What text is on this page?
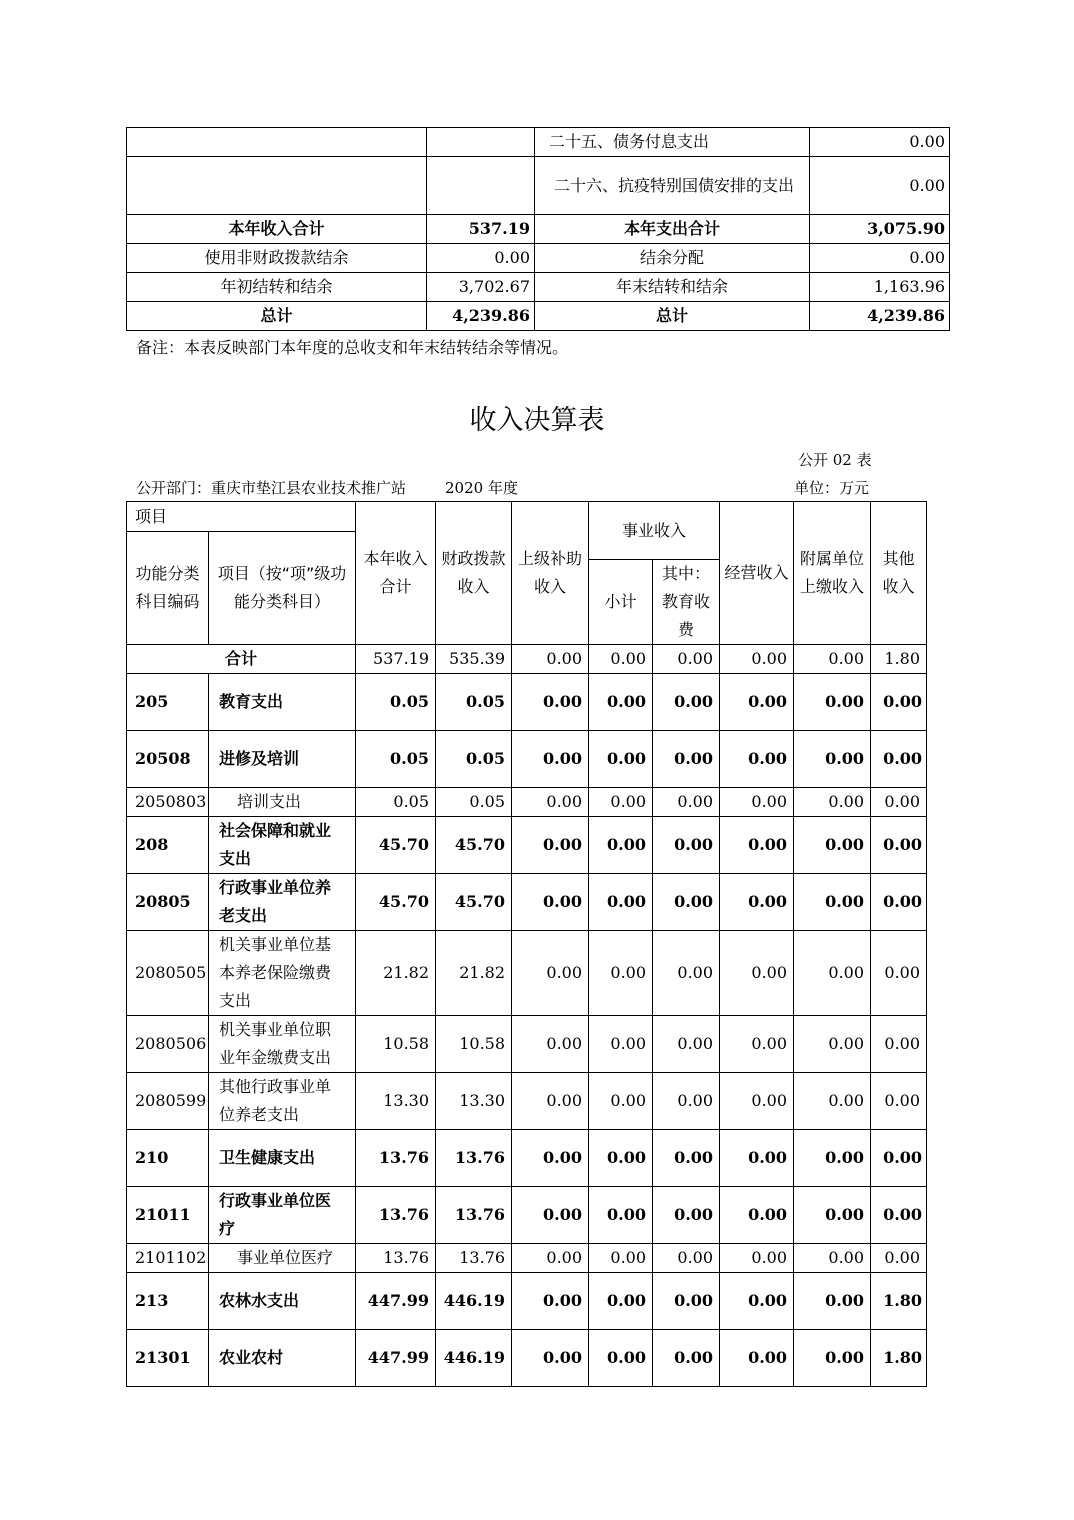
		二十五、债务付息支出	0.00
		二十六、抗疫特别国债安排的支出	0.00
本年收入合计	537.19	本年支出合计	3,075.90
使用非财政拨款结余	0.00	结余分配	0.00
年初结转和结余	3,702.67	年末结转和结余	1,163.96
总计	4,239.86	总计	4,239.86
备注：本表反映部门本年度的总收支和年末结转结余等情况。
收入决算表
公开 02 表
公开部门：重庆市垫江县农业技术推广站	2020 年度	单位：万元
项目		本年收入合计	财政拨款收入	上级补助收入	事业收入		经营收入	附属单位上缴收入	其他收入
功能分类科目编码	项目（按“项”级功能分类科目）								
					小计	其中：教育收费			
合计		537.19	535.39	0.00	0.00	0.00	0.00	0.00	1.80
205	教育支出	0.05	0.05	0.00	0.00	0.00	0.00	0.00	0.00
20508	进修及培训	0.05	0.05	0.00	0.00	0.00	0.00	0.00	0.00
2050803	培训支出	0.05	0.05	0.00	0.00	0.00	0.00	0.00	0.00
208	社会保障和就业支出	45.70	45.70	0.00	0.00	0.00	0.00	0.00	0.00
20805	行政事业单位养老支出	45.70	45.70	0.00	0.00	0.00	0.00	0.00	0.00
2080505	机关事业单位基本养老保险缴费支出	21.82	21.82	0.00	0.00	0.00	0.00	0.00	0.00
2080506	机关事业单位职业年金缴费支出	10.58	10.58	0.00	0.00	0.00	0.00	0.00	0.00
2080599	其他行政事业单位养老支出	13.30	13.30	0.00	0.00	0.00	0.00	0.00	0.00
210	卫生健康支出	13.76	13.76	0.00	0.00	0.00	0.00	0.00	0.00
21011	行政事业单位医疗	13.76	13.76	0.00	0.00	0.00	0.00	0.00	0.00
2101102	事业单位医疗	13.76	13.76	0.00	0.00	0.00	0.00	0.00	0.00
213	农林水支出	447.99	446.19	0.00	0.00	0.00	0.00	0.00	1.80
21301	农业农村	447.99	446.19	0.00	0.00	0.00	0.00	0.00	1.80
